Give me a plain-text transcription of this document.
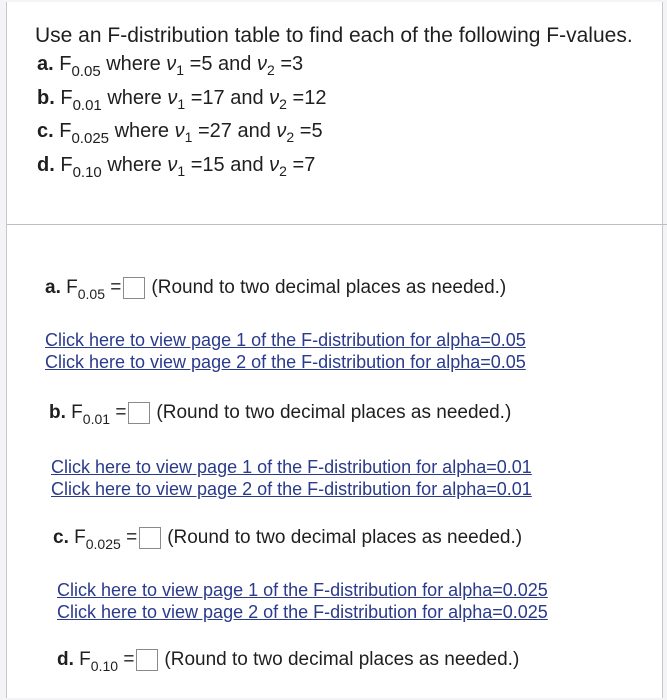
Use an F-distribution table to find each of the following F-values.
a. $F_{0.05}$ where $\nu_1 =5$ and $\nu_2 =3$
b. $F_{0.01}$ where $\nu_1 =17$ and $\nu_2 =12$
c. $F_{0.025}$ where $\nu_1 =27$ and $\nu_2 =5$
d. $F_{0.10}$ where $\nu_1 =15$ and $\nu_2 =7$
a.
F 0.05
= (Round to two decimal places as needed.)
Click here to view page 1 of the F-distribution for alpha=0.05
Click here to view page 2 of the F-distribution for alpha=0.05
b.
F 0.01
= (Round to two decimal places as needed.)
Click here to view page 1 of the F-distribution for alpha=0.01
Click here to view page 2 of the F-distribution for alpha=0.01
c.
F 0.025
= (Round to two decimal places as needed.)
Click here to view page 1 of the F-distribution for alpha=0.025
Click here to view page 2 of the F-distribution for alpha=0.025
d.
F 0.10
= (Round to two decimal places as needed.)
